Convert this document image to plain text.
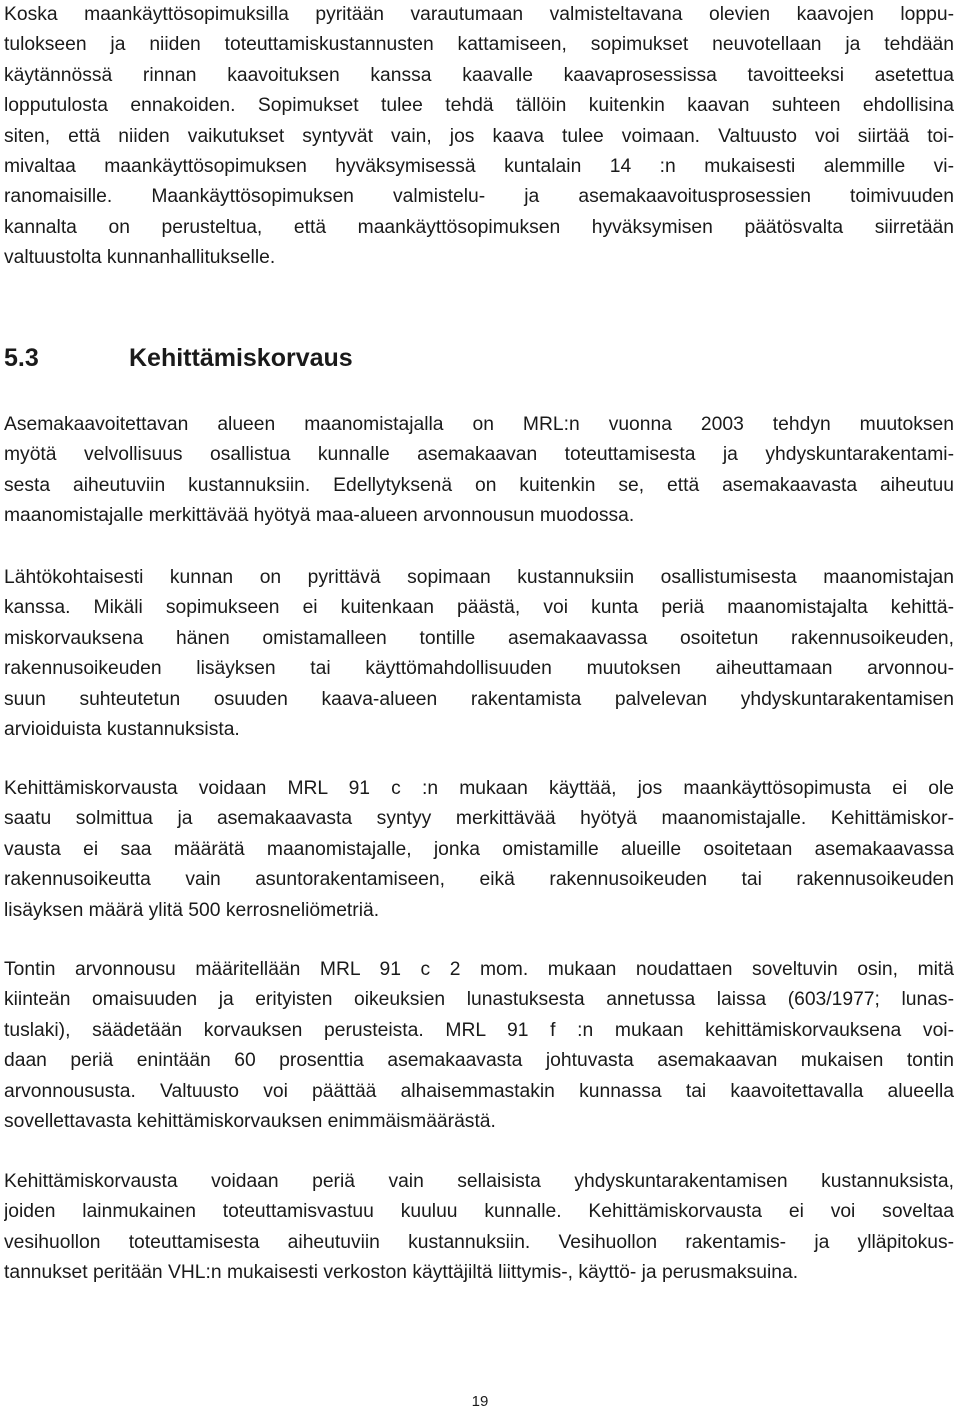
Koska maankäyttösopimuksilla pyritään varautumaan valmisteltavana olevien kaavojen loppu-
tulokseen ja niiden toteuttamiskustannusten kattamiseen, sopimukset neuvotellaan ja tehdään
käytännössä rinnan kaavoituksen kanssa kaavalle kaavaprosessissa tavoitteeksi asetettua
lopputulosta ennakoiden. Sopimukset tulee tehdä tällöin kuitenkin kaavan suhteen ehdollisina
siten, että niiden vaikutukset syntyvät vain, jos kaava tulee voimaan. Valtuusto voi siirtää toi-
mivaltaa maankäyttösopimuksen hyväksymisessä kuntalain 14 :n mukaisesti alemmille vi-
ranomaisille. Maankäyttösopimuksen valmistelu- ja asemakaavoitusprosessien toimivuuden
kannalta on perusteltua, että maankäyttösopimuksen hyväksymisen päätösvalta siirretään
valtuustolta kunnanhallitukselle.
5.3	Kehittämiskorvaus
Asemakaavoitettavan alueen maanomistajalla on MRL:n vuonna 2003 tehdyn muutoksen
myötä velvollisuus osallistua kunnalle asemakaavan toteuttamisesta ja yhdyskuntarakentami-
sesta aiheutuviin kustannuksiin. Edellytyksenä on kuitenkin se, että asemakaavasta aiheutuu
maanomistajalle merkittävää hyötyä maa-alueen arvonnousun muodossa.
Lähtökohtaisesti kunnan on pyrittävä sopimaan kustannuksiin osallistumisesta maanomistajan
kanssa. Mikäli sopimukseen ei kuitenkaan päästä, voi kunta periä maanomistajalta kehittä-
miskorvauksena hänen omistamalleen tontille asemakaavassa osoitetun rakennusoikeuden,
rakennusoikeuden lisäyksen tai käyttömahdollisuuden muutoksen aiheuttamaan arvonnou-
suun suhteutetun osuuden kaava-alueen rakentamista palvelevan yhdyskuntarakentamisen
arvioiduista kustannuksista.
Kehittämiskorvausta voidaan MRL 91 c :n mukaan käyttää, jos maankäyttösopimusta ei ole
saatu solmittua ja asemakaavasta syntyy merkittävää hyötyä maanomistajalle. Kehittämiskor-
vausta ei saa määrätä maanomistajalle, jonka omistamille alueille osoitetaan asemakaavassa
rakennusoikeutta vain asuntorakentamiseen, eikä rakennusoikeuden tai rakennusoikeuden
lisäyksen määrä ylitä 500 kerrosneliömetriä.
Tontin arvonnousu määritellään MRL 91 c 2 mom. mukaan noudattaen soveltuvin osin, mitä
kiinteän omaisuuden ja erityisten oikeuksien lunastuksesta annetussa laissa (603/1977; lunas-
tuslaki), säädetään korvauksen perusteista. MRL 91 f :n mukaan kehittämiskorvauksena voi-
daan periä enintään 60 prosenttia asemakaavasta johtuvasta asemakaavan mukaisen tontin
arvonnoususta. Valtuusto voi päättää alhaisemmastakin kunnassa tai kaavoitettavalla alueella
sovellettavasta kehittämiskorvauksen enimmäismäärästä.
Kehittämiskorvausta voidaan periä vain sellaisista yhdyskuntarakentamisen kustannuksista,
joiden lainmukainen toteuttamisvastuu kuuluu kunnalle. Kehittämiskorvausta ei voi soveltaa
vesihuollon toteuttamisesta aiheutuviin kustannuksiin. Vesihuollon rakentamis- ja ylläpitokus-
tannukset peritään VHL:n mukaisesti verkoston käyttäjiltä liittymis-, käyttö- ja perusmaksuina.
19
